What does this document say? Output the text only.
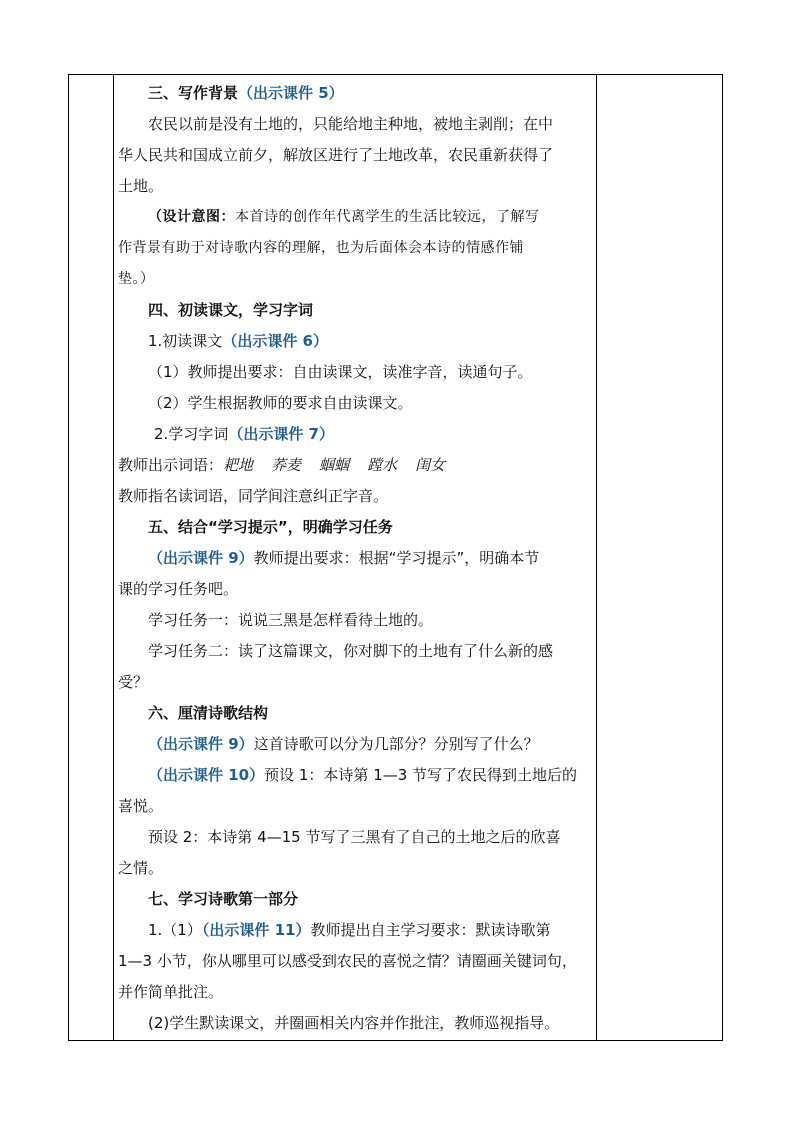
三、写作背景（出示课件 5）
农民以前是没有土地的，只能给地主种地，被地主剥削；在中
华人民共和国成立前夕，解放区进行了土地改革，农民重新获得了
土地。
（设计意图：本首诗的创作年代离学生的生活比较远，了解写
作背景有助于对诗歌内容的理解，也为后面体会本诗的情感作铺
垫。）
四、初读课文，学习字词
1.初读课文（出示课件 6）
（1）教师提出要求：自由读课文，读准字音，读通句子。
（2）学生根据教师的要求自由读课文。
2.学习字词（出示课件 7）
教师出示词语：耙地 荞麦 蝈蝈 蹚水 闺女
教师指名读词语，同学间注意纠正字音。
五、结合“学习提示”，明确学习任务
（出示课件 9）教师提出要求：根据“学习提示”，明确本节
课的学习任务吧。
学习任务一：说说三黑是怎样看待土地的。
学习任务二：读了这篇课文，你对脚下的土地有了什么新的感
受？
六、厘清诗歌结构
（出示课件 9）这首诗歌可以分为几部分？分别写了什么？
（出示课件 10）预设 1：本诗第 1—3 节写了农民得到土地后的
喜悦。
预设 2：本诗第 4—15 节写了三黑有了自己的土地之后的欣喜
之情。
七、学习诗歌第一部分
1.（1）（出示课件 11）教师提出自主学习要求：默读诗歌第
1—3 小节，你从哪里可以感受到农民的喜悦之情？请圈画关键词句，
并作简单批注。
(2)学生默读课文，并圈画相关内容并作批注，教师巡视指导。
